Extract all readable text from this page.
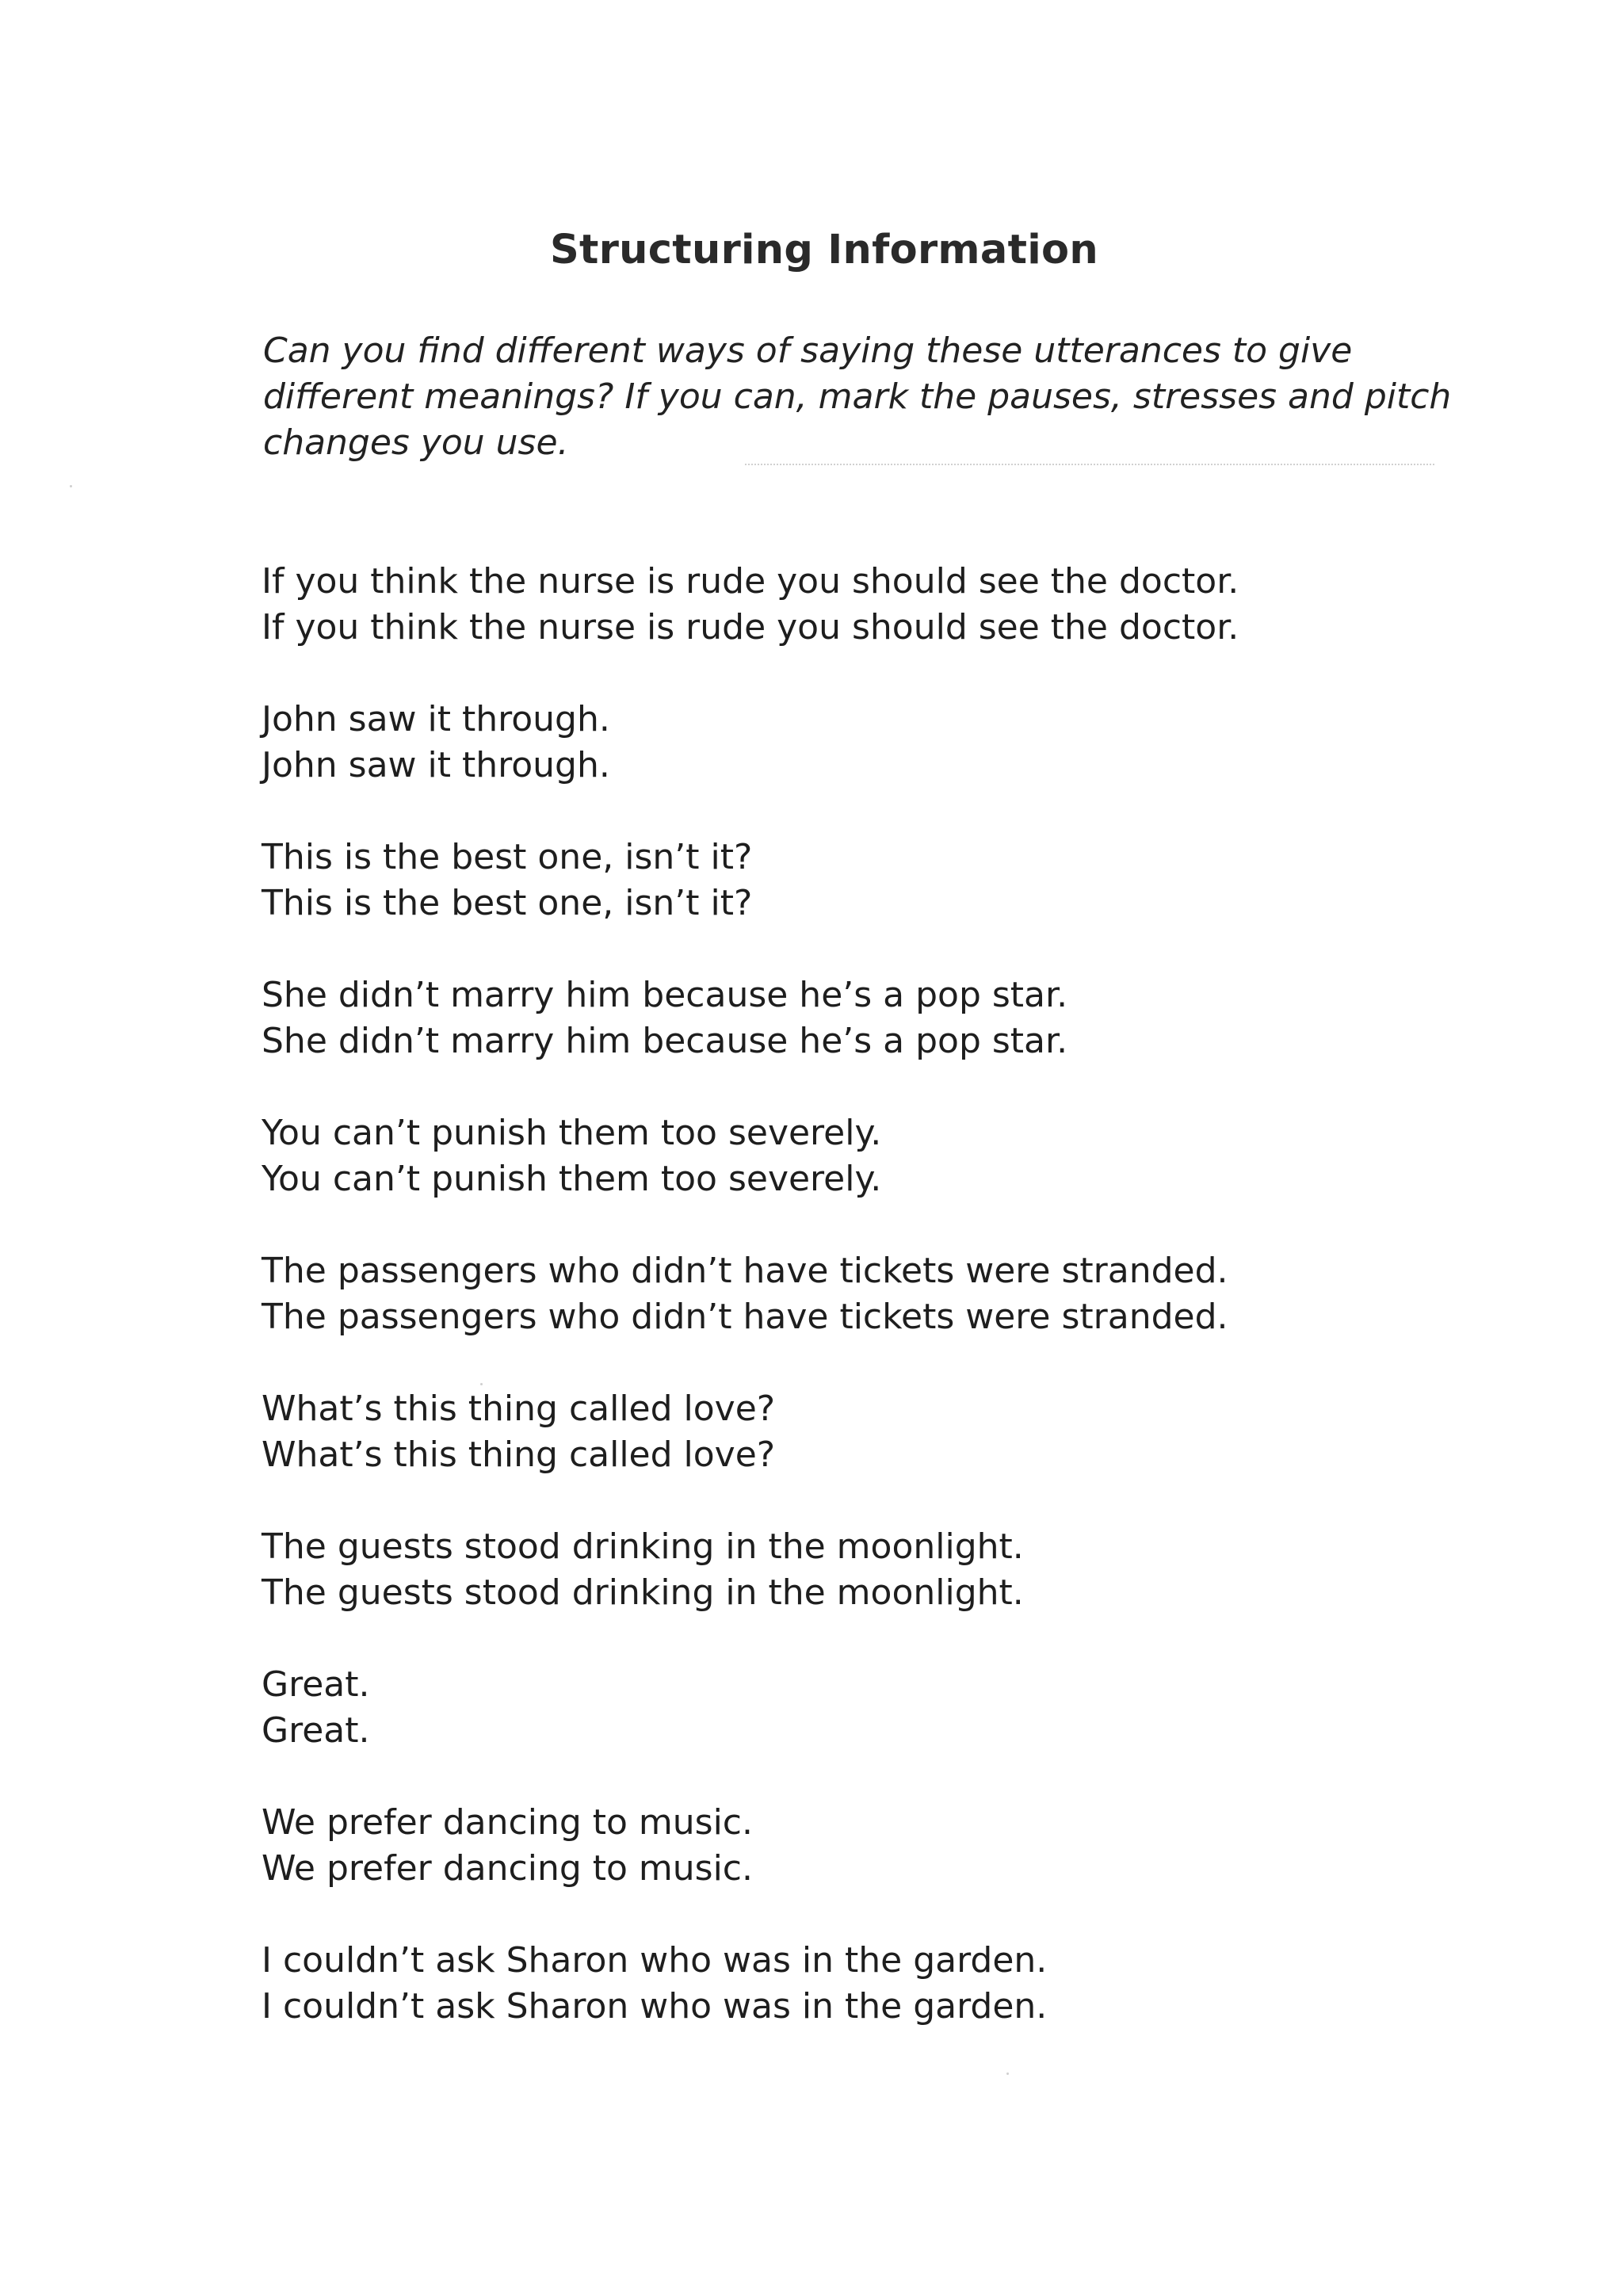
Structuring Information
Can you find different ways of saying these utterances to give different meanings? If you can, mark the pauses, stresses and pitch changes you use.
If you think the nurse is rude you should see the doctor.
If you think the nurse is rude you should see the doctor.
John saw it through.
John saw it through.
This is the best one, isn’t it?
This is the best one, isn’t it?
She didn’t marry him because he’s a pop star.
She didn’t marry him because he’s a pop star.
You can’t punish them too severely.
You can’t punish them too severely.
The passengers who didn’t have tickets were stranded.
The passengers who didn’t have tickets were stranded.
What’s this thing called love?
What’s this thing called love?
The guests stood drinking in the moonlight.
The guests stood drinking in the moonlight.
Great.
Great.
We prefer dancing to music.
We prefer dancing to music.
I couldn’t ask Sharon who was in the garden.
I couldn’t ask Sharon who was in the garden.
